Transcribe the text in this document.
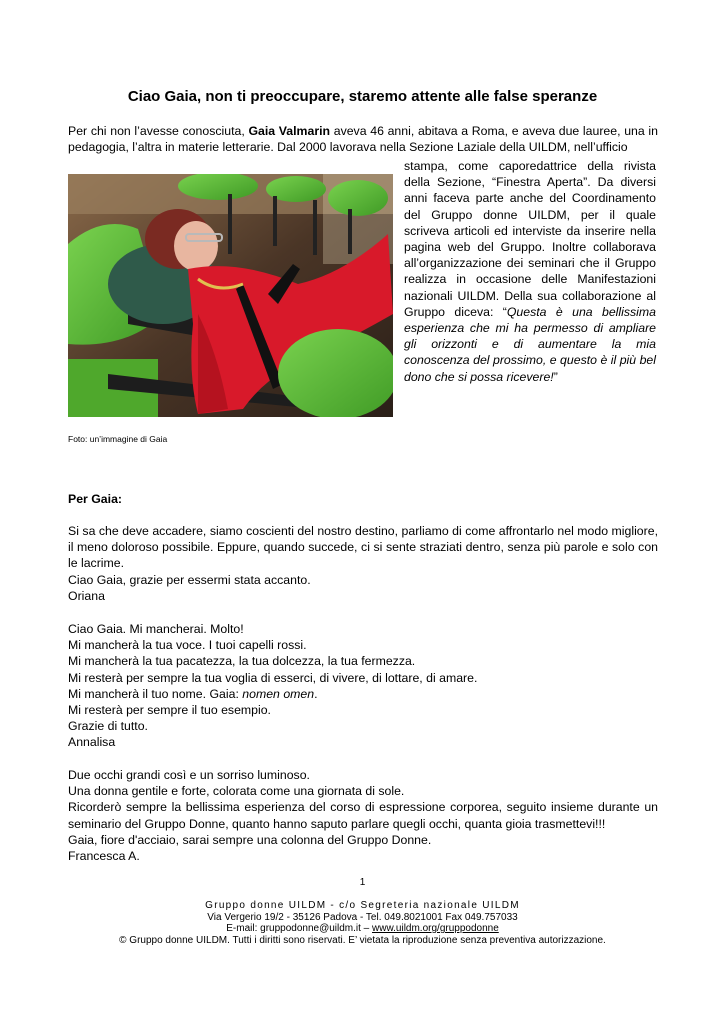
Ciao Gaia, non ti preoccupare, staremo attente alle false speranze
Per chi non l’avesse conosciuta, Gaia Valmarin aveva 46 anni, abitava a Roma, e aveva due lauree, una in pedagogia, l’altra in materie letterarie. Dal 2000 lavorava nella Sezione Laziale della UILDM, nell’ufficio
stampa, come caporedattrice della rivista della Sezione, “Finestra Aperta”. Da diversi anni faceva parte anche del Coordinamento del Gruppo donne UILDM, per il quale scriveva articoli ed interviste da inserire nella pagina web del Gruppo. Inoltre collaborava all’organizzazione dei seminari che il Gruppo realizza in occasione delle Manifestazioni nazionali UILDM. Della sua collaborazione al Gruppo diceva: “Questa è una bellissima esperienza che mi ha permesso di ampliare gli orizzonti e di aumentare la mia conoscenza del prossimo, e questo è il più bel dono che si possa ricevere!”
Foto: un’immagine di Gaia
Per Gaia:

Si sa che deve accadere, siamo coscienti del nostro destino, parliamo di come affrontarlo nel modo migliore, il meno doloroso possibile. Eppure, quando succede, ci si sente straziati dentro, senza più parole e solo con le lacrime.

Ciao Gaia, grazie per essermi stata accanto.

Oriana

Ciao Gaia. Mi mancherai. Molto!

Mi mancherà la tua voce. I tuoi capelli rossi.

Mi mancherà la tua pacatezza, la tua dolcezza, la tua fermezza.

Mi resterà per sempre la tua voglia di esserci, di vivere, di lottare, di amare.

Mi mancherà il tuo nome. Gaia: nomen omen.

Mi resterà per sempre il tuo esempio.

Grazie di tutto.

Annalisa

Due occhi grandi così e un sorriso luminoso.

Una donna gentile e forte, colorata come una giornata di sole.

Ricorderò sempre la bellissima esperienza del corso di espressione corporea, seguito insieme durante un seminario del Gruppo Donne, quanto hanno saputo parlare quegli occhi, quanta gioia trasmettevi!!!

Gaia, fiore d'acciaio, sarai sempre una colonna del Gruppo Donne.

Francesca A.

1
Gruppo donne UILDM - c/o Segreteria nazionale UILDM
Via Vergerio 19/2 - 35126 Padova - Tel. 049.8021001 Fax 049.757033
E-mail: gruppodonne@uildm.it – www.uildm.org/gruppodonne
© Gruppo donne UILDM. Tutti i diritti sono riservati. E’ vietata la riproduzione senza preventiva autorizzazione.
